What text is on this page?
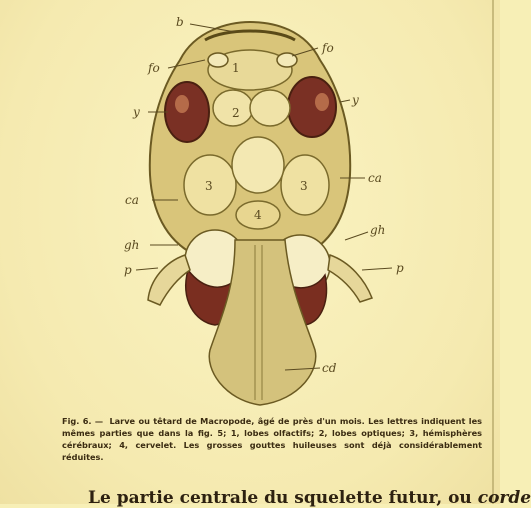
b
fo
fo
y
y
ca
ca
gh
gh
p	p
cd
1
2
3	3
4
Fig. 6. — Larve ou têtard de Macropode, âgé de près d'un mois. Les lettres indiquent les mêmes parties que dans la fig. 5; 1, lobes olfactifs; 2, lobes optiques; 3, hémisphères cérébraux; 4, cervelet. Les grosses gouttes huileuses sont déjà considérablement réduites.
Le partie centrale du squelette futur, ou corde
